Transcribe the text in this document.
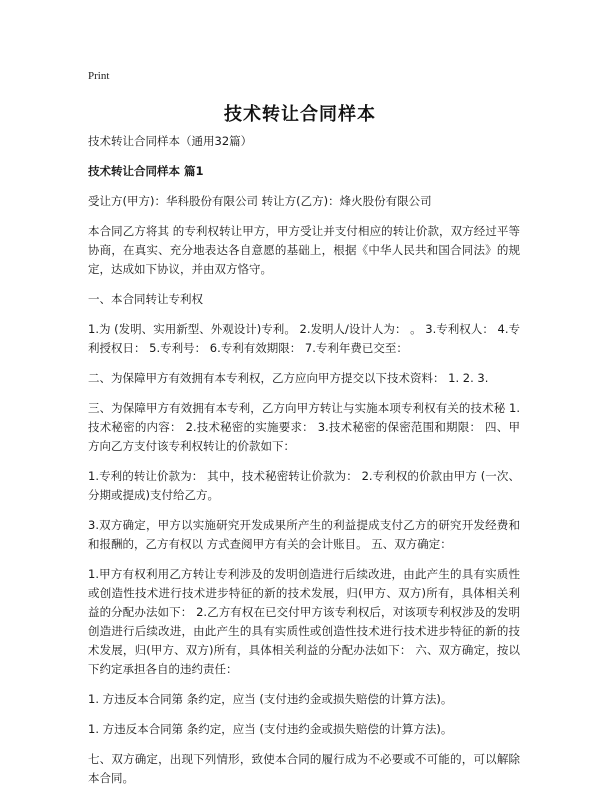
Print
技术转让合同样本

技术转让合同样本（通用32篇）

技术转让合同样本 篇1

受让方(甲方)：华科股份有限公司 转让方(乙方)：烽火股份有限公司

本合同乙方将其 的专利权转让甲方，甲方受让并支付相应的转让价款，双方经过平等协商，在真实、充分地表达各自意愿的基础上，根据《中华人民共和国合同法》的规定，达成如下协议，并由双方恪守。

一、本合同转让专利权

1.为 (发明、实用新型、外观设计)专利。 2.发明人/设计人为： 。 3.专利权人： 4.专利授权日： 5.专利号： 6.专利有效期限： 7.专利年费已交至：

二、为保障甲方有效拥有本专利权，乙方应向甲方提交以下技术资料： 1. 2. 3.

三、为保障甲方有效拥有本专利，乙方向甲方转让与实施本项专利权有关的技术秘 1.技术秘密的内容： 2.技术秘密的实施要求： 3.技术秘密的保密范围和期限： 四、甲方向乙方支付该专利权转让的价款如下：

1.专利的转让价款为： 其中，技术秘密转让价款为： 2.专利权的价款由甲方 (一次、分期或提成)支付给乙方。

3.双方确定，甲方以实施研究开发成果所产生的利益提成支付乙方的研究开发经费和和报酬的，乙方有权以 方式查阅甲方有关的会计账目。 五、双方确定：

1.甲方有权利用乙方转让专利涉及的发明创造进行后续改进，由此产生的具有实质性或创造性技术进行技术进步特征的新的技术发展，归(甲方、双方)所有，具体相关利益的分配办法如下： 2.乙方有权在已交付甲方该专利权后，对该项专利权涉及的发明创造进行后续改进，由此产生的具有实质性或创造性技术进行技术进步特征的新的技术发展，归(甲方、双方)所有，具体相关利益的分配办法如下： 六、双方确定，按以下约定承担各自的违约责任：

1. 方违反本合同第 条约定，应当 (支付违约金或损失赔偿的计算方法)。

1. 方违反本合同第 条约定，应当 (支付违约金或损失赔偿的计算方法)。

七、双方确定，出现下列情形，致使本合同的履行成为不必要或不可能的，可以解除本合同。
